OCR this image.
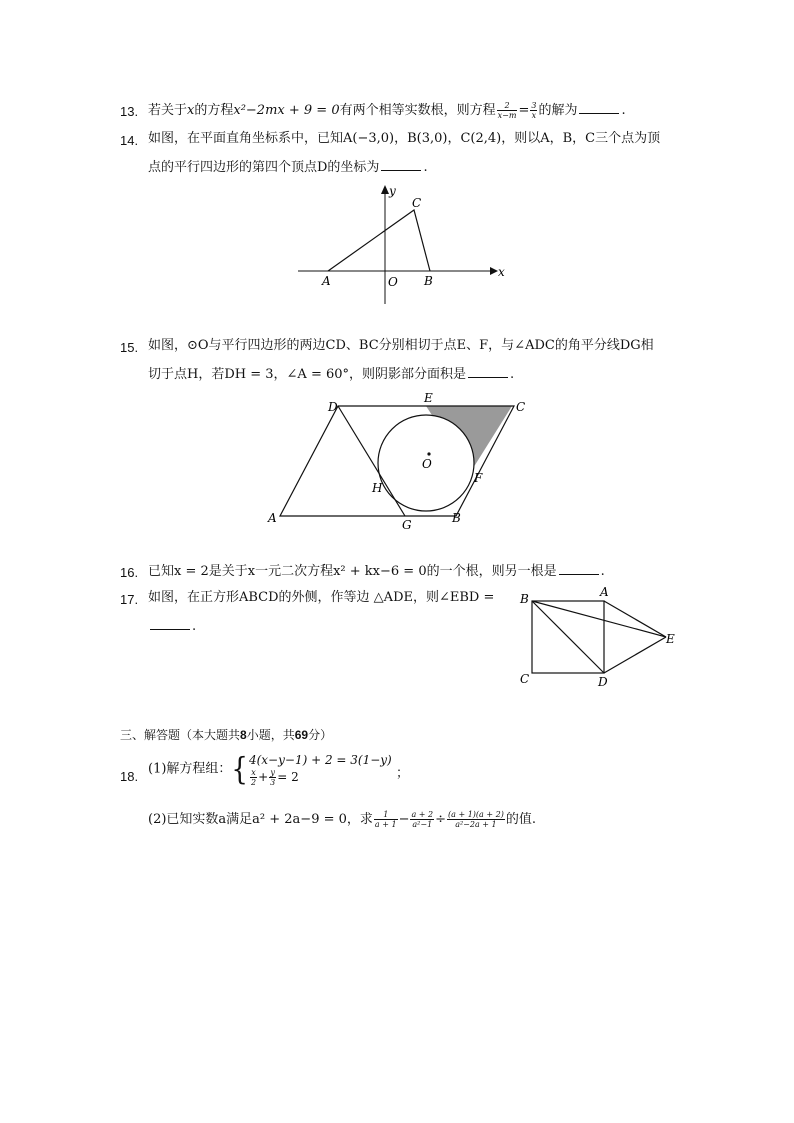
13. 若关于x的方程x²−2mx + 9 = 0有两个相等实数根，则方程 $\frac{2}{x-m} = \frac{3}{x}$ 的解为	.
14. 如图，在平面直角坐标系中，已知A(−3,0)，B(3,0)，C(2,4)，则以A，B，C三个点为顶
点的平行四边形的第四个顶点D的坐标为	.
x
y
A	O B
C
15. 如图，⊙O与平行四边形的两边CD、BC分别相切于点E、F，与∠ADC的角平分线DG相
切于点H，若DH = 3，∠A = 60°，则阴影部分面积是	.
D
E
C
O
H
F
A	G	B
16. 已知x = 2是关于x一元二次方程x² + kx−6 = 0的一个根，则另一根是	.
17. 如图，在正方形ABCD的外侧，作等边 △ADE，则∠EBD =
.
B	A
E
C	D
三、解答题（本大题共8小题，共69分）
18. (1)解方程组：{ 4(x−y−1) + 2 = 3(1−y)
$\frac{x}{2} + \frac{y}{3} = 2$	；
(2)已知实数a满足a² + 2a−9 = 0，求 $\frac{1}{a + 1} - \frac{a + 2}{\text{a²−1}} \div \frac{(a + 1)(a + 2)}{\text{a²−2a + 1}}$ 的值.
